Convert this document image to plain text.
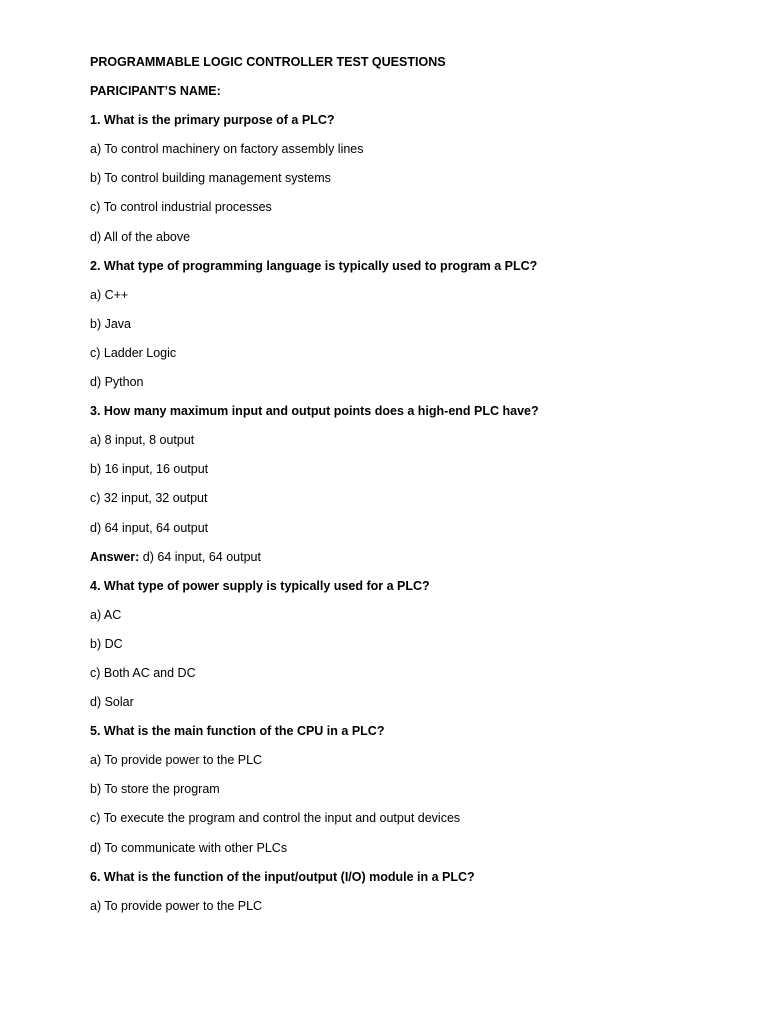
PROGRAMMABLE LOGIC CONTROLLER TEST QUESTIONS
PARICIPANT’S NAME:
1. What is the primary purpose of a PLC?
a) To control machinery on factory assembly lines
b) To control building management systems
c) To control industrial processes
d) All of the above
2. What type of programming language is typically used to program a PLC?
a) C++
b) Java
c) Ladder Logic
d) Python
3. How many maximum input and output points does a high-end PLC have?
a) 8 input, 8 output
b) 16 input, 16 output
c) 32 input, 32 output
d) 64 input, 64 output
Answer: d) 64 input, 64 output
4. What type of power supply is typically used for a PLC?
a) AC
b) DC
c) Both AC and DC
d) Solar
5. What is the main function of the CPU in a PLC?
a) To provide power to the PLC
b) To store the program
c) To execute the program and control the input and output devices
d) To communicate with other PLCs
6. What is the function of the input/output (I/O) module in a PLC?
a) To provide power to the PLC
